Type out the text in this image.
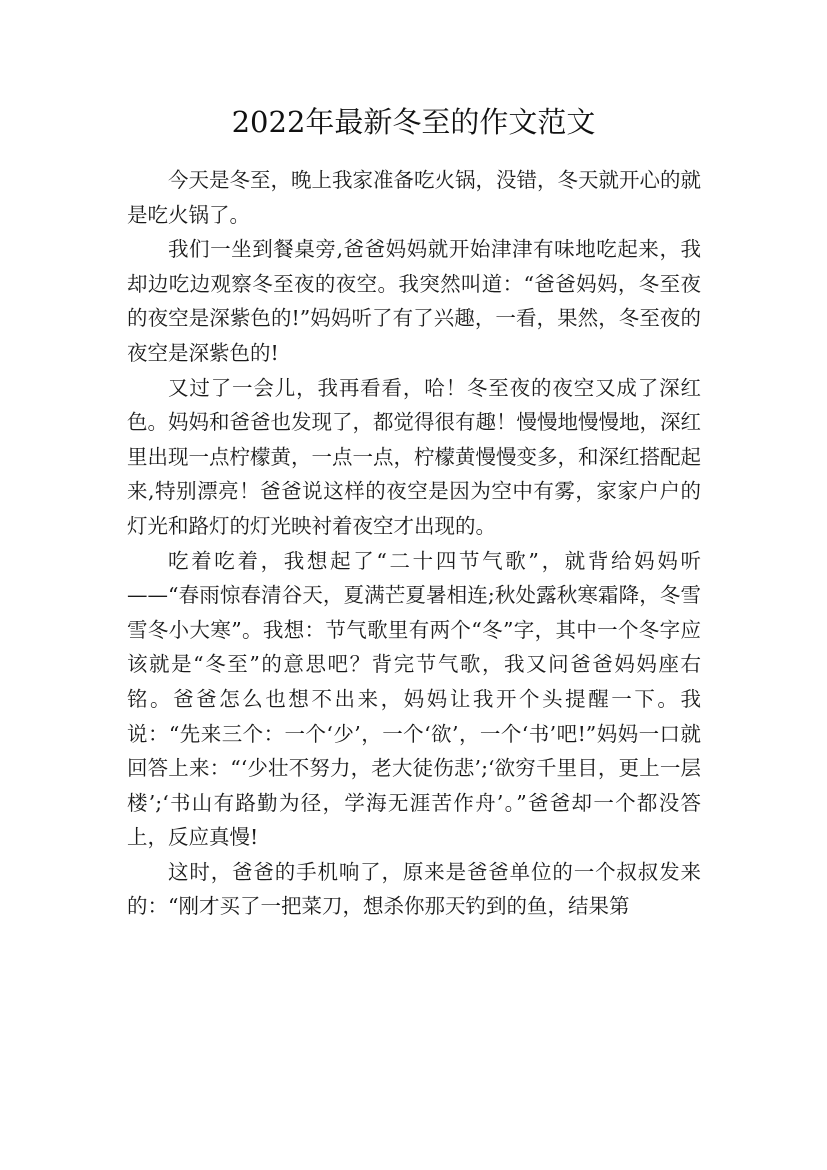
2022年最新冬至的作文范文

今天是冬至，晚上我家准备吃火锅，没错，冬天就开心的就是吃火锅了。

我们一坐到餐桌旁,爸爸妈妈就开始津津有味地吃起来，我却边吃边观察冬至夜的夜空。我突然叫道：“爸爸妈妈，冬至夜的夜空是深紫色的!”妈妈听了有了兴趣，一看，果然，冬至夜的夜空是深紫色的!

又过了一会儿，我再看看，哈！冬至夜的夜空又成了深红色。妈妈和爸爸也发现了，都觉得很有趣！慢慢地慢慢地，深红里出现一点柠檬黄，一点一点，柠檬黄慢慢变多，和深红搭配起来,特别漂亮！爸爸说这样的夜空是因为空中有雾，家家户户的灯光和路灯的灯光映衬着夜空才出现的。

吃着吃着，我想起了“二十四节气歌”，就背给妈妈听——“春雨惊春清谷天，夏满芒夏暑相连;秋处露秋寒霜降，冬雪雪冬小大寒”。我想：节气歌里有两个“冬”字，其中一个冬字应该就是“冬至”的意思吧？背完节气歌，我又问爸爸妈妈座右铭。爸爸怎么也想不出来，妈妈让我开个头提醒一下。我说：“先来三个：一个‘少’，一个‘欲’，一个‘书’吧!”妈妈一口就回答上来：“‘少壮不努力，老大徒伤悲’;‘欲穷千里目，更上一层楼’;‘书山有路勤为径，学海无涯苦作舟’。”爸爸却一个都没答上，反应真慢!

这时，爸爸的手机响了，原来是爸爸单位的一个叔叔发来的：“刚才买了一把菜刀，想杀你那天钓到的鱼，结果第
